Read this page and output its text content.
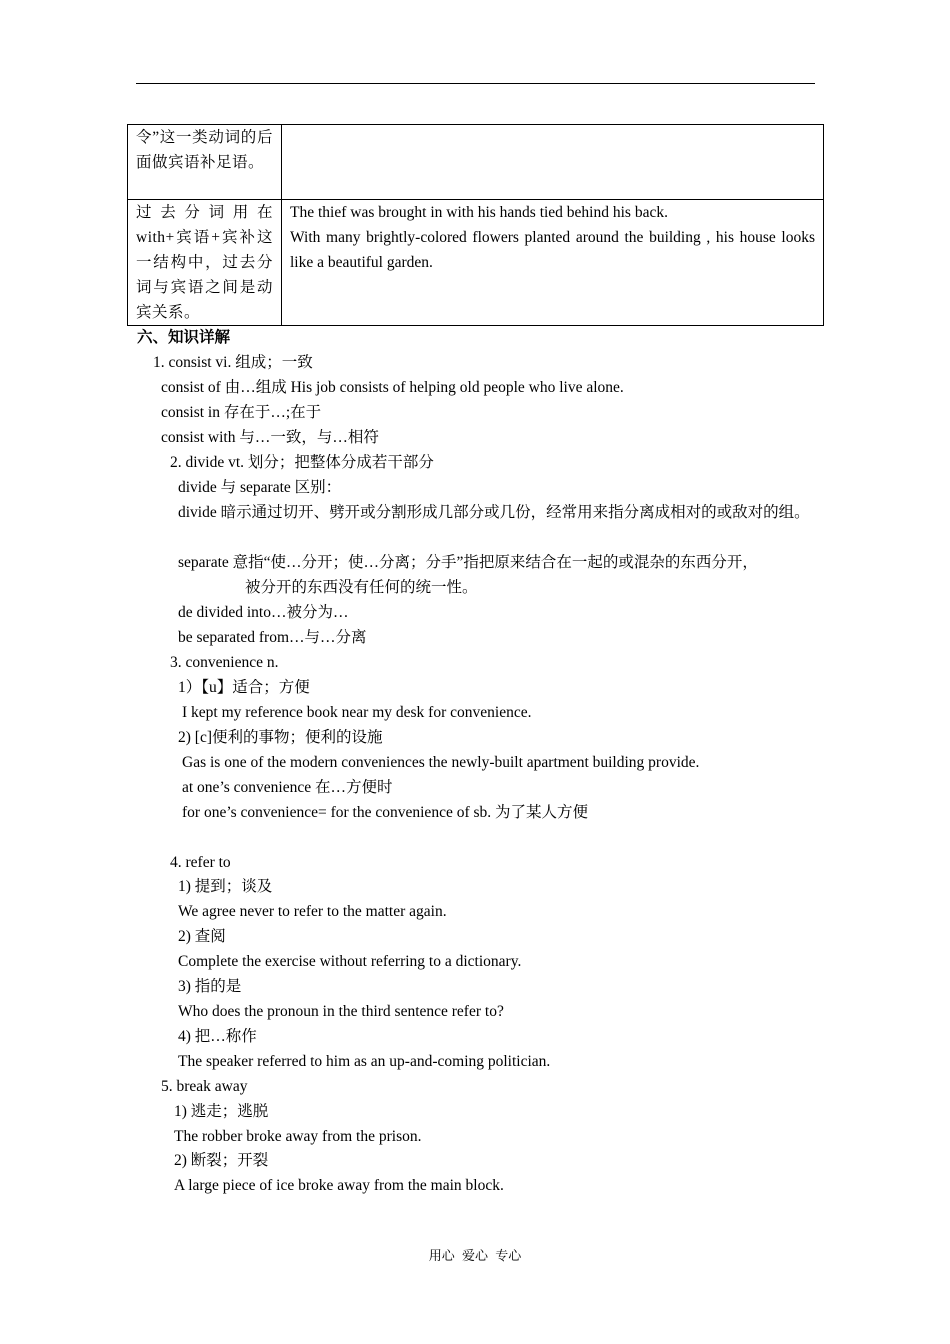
令”这一类动词的后面做宾语补足语。	
过去分词用在with+宾语+宾补这一结构中，过去分词与宾语之间是动宾关系。	The thief was brought in with his hands tied behind his back.

With many brightly-colored flowers planted around the building , his house looks like a beautiful garden.

六、知识详解
1. consist vi. 组成；一致
consist of 由…组成 His job consists of helping old people who live alone.
consist in 存在于…;在于
consist with 与…一致，与…相符
2. divide vt. 划分；把整体分成若干部分
divide 与 separate 区别：
divide 暗示通过切开、劈开或分割形成几部分或几份，经常用来指分离成相对的或敌对的组。
separate 意指“使…分开；使…分离；分手”指把原来结合在一起的或混杂的东西分开，
被分开的东西没有任何的统一性。
de divided into…被分为…
be separated from…与…分离
3. convenience n.
1）【u】适合；方便
I kept my reference book near my desk for convenience.
2) [c]便利的事物；便利的设施
Gas is one of the modern conveniences the newly-built apartment building provide.
at one’s convenience 在…方便时
for one’s convenience= for the convenience of sb. 为了某人方便
4. refer to
1) 提到；谈及
We agree never to refer to the matter again.
2) 查阅
Complete the exercise without referring to a dictionary.
3) 指的是
Who does the pronoun in the third sentence refer to?
4) 把…称作
The speaker referred to him as an up-and-coming politician.
5. break away
1) 逃走；逃脱
The robber broke away from the prison.
2) 断裂；开裂
A large piece of ice broke away from the main block.
用心 爱心 专心
